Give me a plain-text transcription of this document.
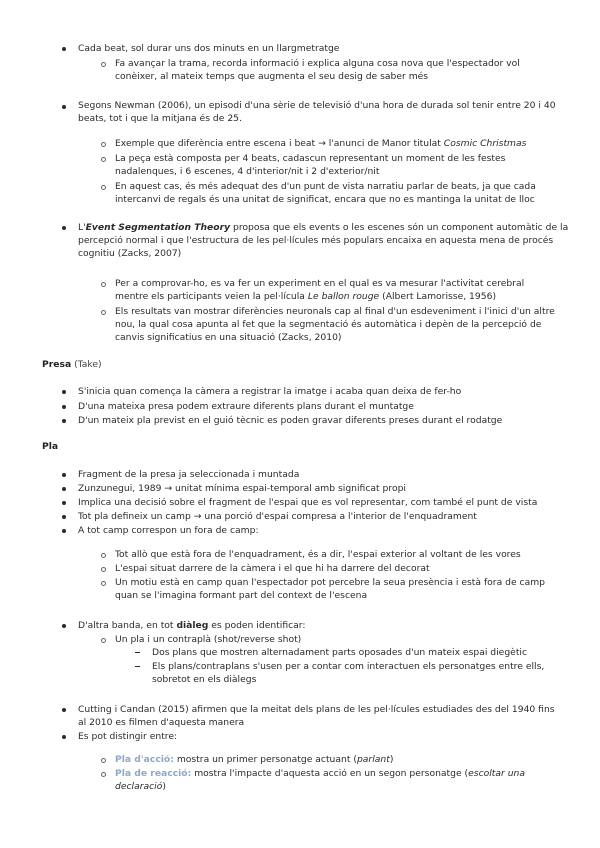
Cada beat, sol durar uns dos minuts en un llargmetratge
Fa avançar la trama, recorda informació i explica alguna cosa nova que l'espectador vol
conèixer, al mateix temps que augmenta el seu desig de saber més
Segons Newman (2006), un episodi d'una sèrie de televisió d'una hora de durada sol tenir entre 20 i 40
beats, tot i que la mitjana és de 25.
Exemple que diferència entre escena i beat → l'anunci de Manor titulat Cosmic Christmas
La peça està composta per 4 beats, cadascun representant un moment de les festes
nadalenques, i 6 escenes, 4 d'interior/nit i 2 d'exterior/nit
En aquest cas, és més adequat des d'un punt de vista narratiu parlar de beats, ja que cada
intercanvi de regals és una unitat de significat, encara que no es mantinga la unitat de lloc
L'Event Segmentation Theory proposa que els events o les escenes són un component automàtic de la
percepció normal i que l'estructura de les pel·lícules més populars encaixa en aquesta mena de procés
cognitiu (Zacks, 2007)
Per a comprovar-ho, es va fer un experiment en el qual es va mesurar l'activitat cerebral
mentre els participants veien la pel·lícula Le ballon rouge (Albert Lamorisse, 1956)
Els resultats van mostrar diferències neuronals cap al final d'un esdeveniment i l'inici d'un altre
nou, la qual cosa apunta al fet que la segmentació és automàtica i depèn de la percepció de
canvis significatius en una situació (Zacks, 2010)
Presa (Take)
S'inicia quan comença la càmera a registrar la imatge i acaba quan deixa de fer-ho
D'una mateixa presa podem extraure diferents plans durant el muntatge
D'un mateix pla previst en el guió tècnic es poden gravar diferents preses durant el rodatge
Pla
Fragment de la presa ja seleccionada i muntada
Zunzunegui, 1989 → unitat mínima espai-temporal amb significat propi
Implica una decisió sobre el fragment de l'espai que es vol representar, com també el punt de vista
Tot pla defineix un camp → una porció d'espai compresa a l'interior de l'enquadrament
A tot camp correspon un fora de camp:
Tot allò que està fora de l'enquadrament, és a dir, l'espai exterior al voltant de les vores
L'espai situat darrere de la càmera i el que hi ha darrere del decorat
Un motiu està en camp quan l'espectador pot percebre la seua presència i està fora de camp
quan se l'imagina formant part del context de l'escena
D'altra banda, en tot diàleg es poden identificar:
Un pla i un contraplà (shot/reverse shot)
Dos plans que mostren alternadament parts oposades d'un mateix espai diegètic
Els plans/contraplans s'usen per a contar com interactuen els personatges entre ells,
sobretot en els diàlegs
Cutting i Candan (2015) afirmen que la meitat dels plans de les pel·lícules estudiades des del 1940 fins
al 2010 es filmen d'aquesta manera
Es pot distingir entre:
Pla d'acció: mostra un primer personatge actuant (parlant)
Pla de reacció: mostra l'impacte d'aquesta acció en un segon personatge (escoltar una
declaració)
